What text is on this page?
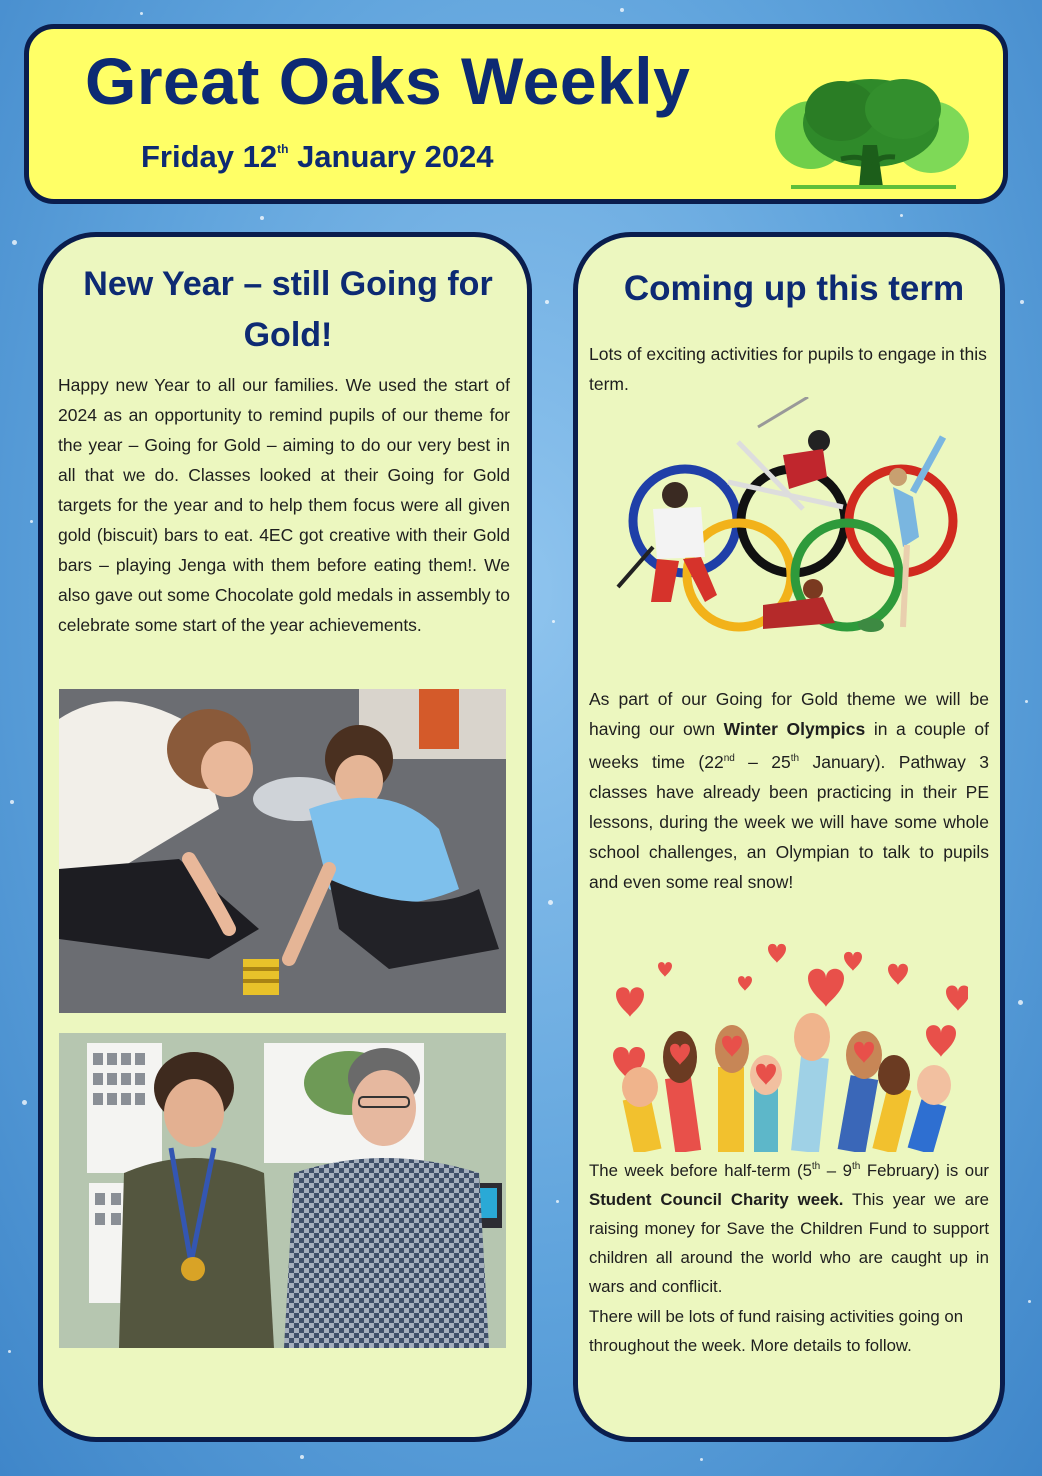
Great Oaks Weekly

Friday 12th January 2024

New Year – still Going for Gold!

Happy new Year to all our families. We used the start of 2024 as an opportunity to remind pupils of our theme for the year – Going for Gold – aiming to do our very best in all that we do. Classes looked at their Going for Gold targets for the year and to help them focus were all given gold (biscuit) bars to eat. 4EC got creative with their Gold bars – playing Jenga with them before eating them!. We also gave out some Chocolate gold medals in assembly to celebrate some start of the year achievements.

Coming up this term

Lots of exciting activities for pupils to engage in this term.

As part of our Going for Gold theme we will be having our own Winter Olympics in a couple of weeks time (22nd – 25th January). Pathway 3 classes have already been practicing in their PE lessons, during the week we will have some whole school challenges, an Olympian to talk to pupils and even some real snow!

The week before half-term (5th – 9th February) is our Student Council Charity week. This year we are raising money for Save the Children Fund to support children all around the world who are caught up in wars and conflicit.

There will be lots of fund raising activities going on throughout the week. More details to follow.
